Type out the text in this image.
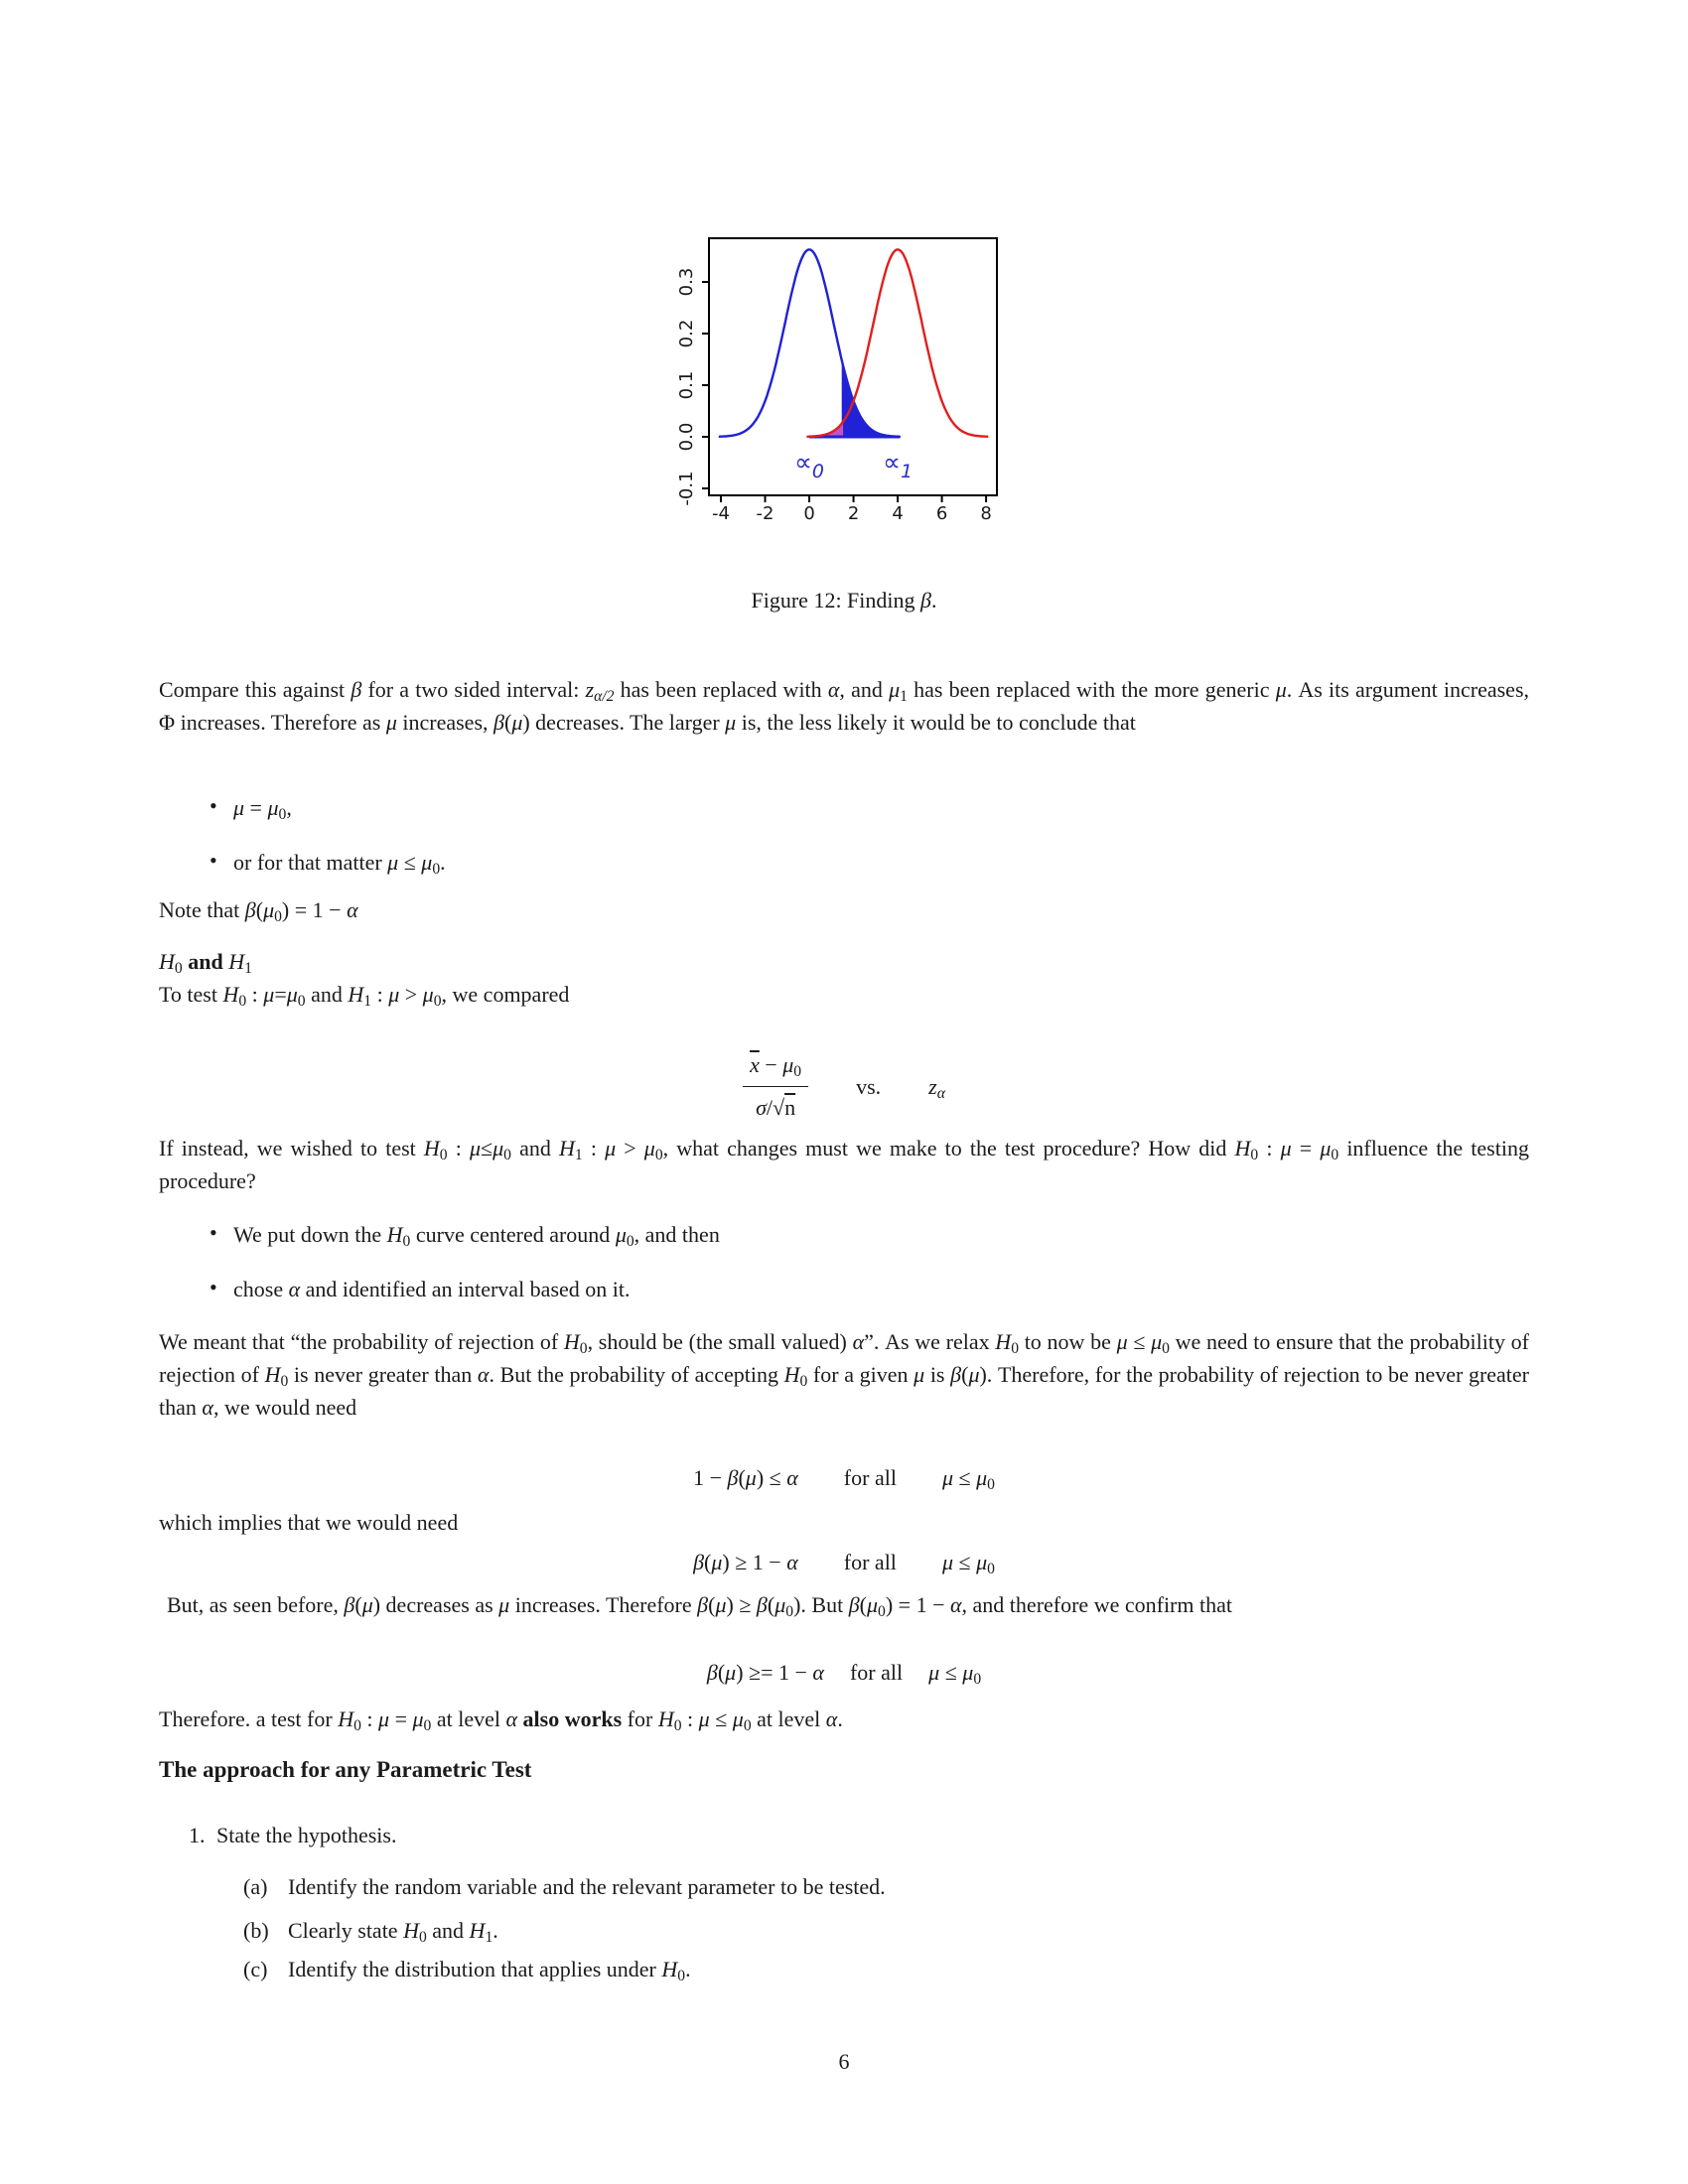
-4 -2 0 2 4 6 8
-0.1
0.0
0.1
0.2
0.3
$\propto_0 \propto_1$
Figure 12: Finding β.
Compare this against β for a two sided interval: $z_{\alpha/2}$ has been replaced with α, and $\mu_1$ has been replaced with the more generic μ. As its argument increases, Φ increases. Therefore as μ increases, β(μ) decreases. The larger μ is, the less likely it would be to conclude that
• $\mu = \mu_0$,
• or for that matter $\mu \le \mu_0$.
Note that $\beta(\mu_0) = 1 - \alpha$
$H_0$ and $H_1$
To test $H_0$ : $\mu=\mu_0$ and $H_1$ : $\mu > \mu_0$, we compared
$\frac{\overline{x} - \mu_0}{\sigma/√n}$ vs. $z_\alpha$
If instead, we wished to test $H_0$ : $\mu\le\mu_0$ and $H_1$ : $\mu > \mu_0$, what changes must we make to the test procedure? How did $H_0$ : $\mu = \mu_0$ influence the testing procedure?
• We put down the $H_0$ curve centered around $\mu_0$, and then
• chose α and identified an interval based on it.
We meant that “the probability of rejection of $H_0$, should be (the small valued) α”. As we relax $H_0$ to now be $\mu \le \mu_0$ we need to ensure that the probability of rejection of $H_0$ is never greater than α. But the probability of accepting $H_0$ for a given μ is β(μ). Therefore, for the probability of rejection to be never greater than α, we would need
1 − β(μ) ≤ α for all $\mu \le \mu_0$
which implies that we would need
β(μ) ≥ 1 − α for all $\mu \le \mu_0$
But, as seen before, β(μ) decreases as μ increases. Therefore $\beta(\mu) \ge \beta(\mu_0)$. But $\beta(\mu_0) = 1 - \alpha$, and therefore we confirm that
β(μ) ≥= 1 − α for all $\mu \le \mu_0$
Therefore. a test for $H_0$ : $\mu = \mu_0$ at level α also works for $H_0$ : $\mu \le \mu_0$ at level α.
The approach for any Parametric Test
1. State the hypothesis.
(a) Identify the random variable and the relevant parameter to be tested.
(b) Clearly state $H_0$ and $H_1$.
(c) Identify the distribution that applies under $H_0$.
6
